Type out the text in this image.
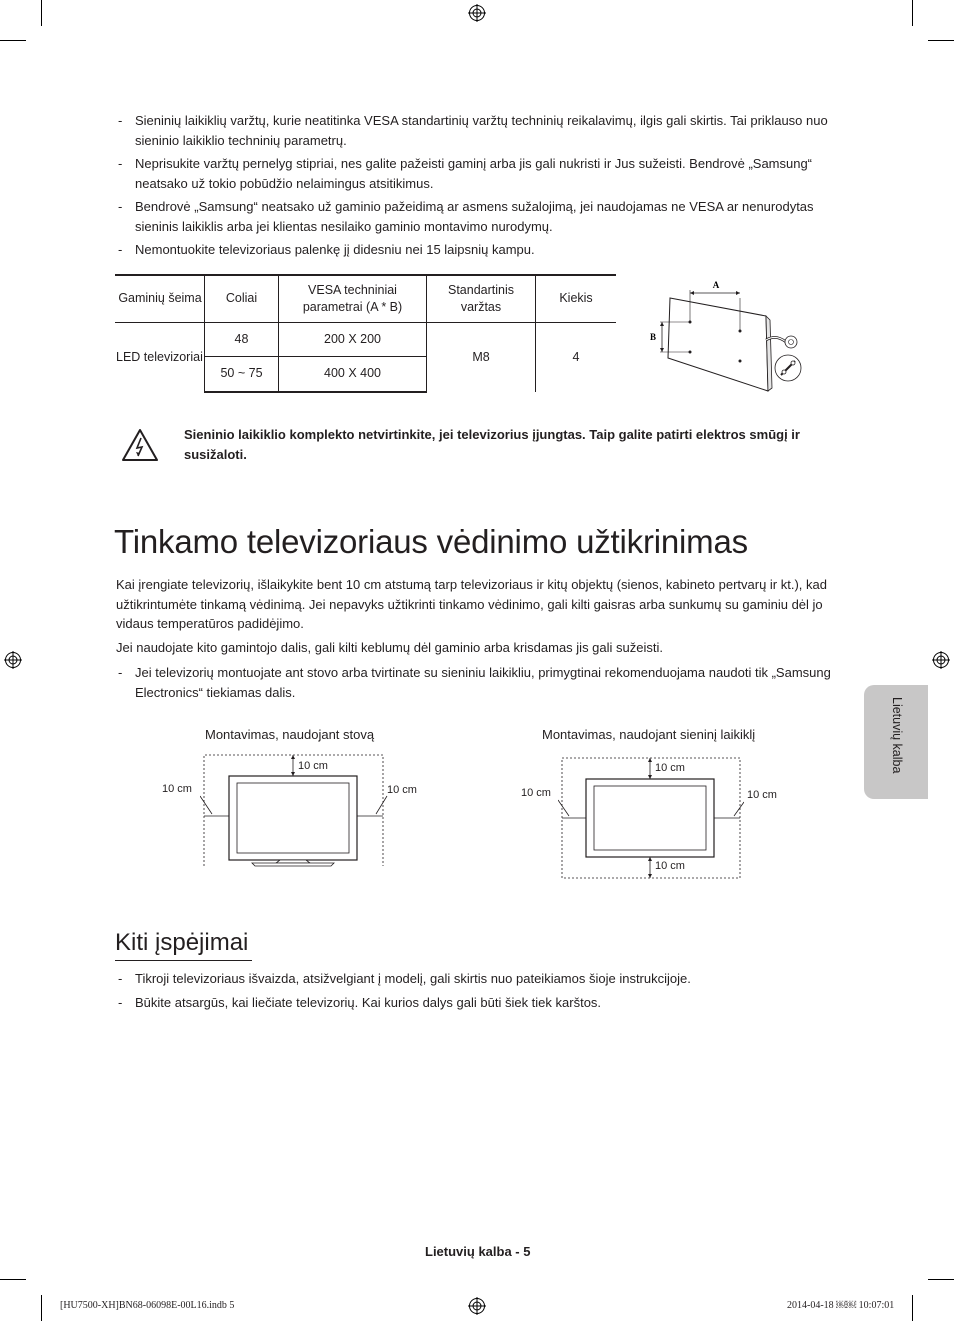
- Sieninių laikiklių varžtų, kurie neatitinka VESA standartinių varžtų techninių reikalavimų, ilgis gali skirtis. Tai priklauso nuo sieninio laikiklio techninių parametrų.
- Neprisukite varžtų pernelyg stipriai, nes galite pažeisti gaminį arba jis gali nukristi ir Jus sužeisti. Bendrovė „Samsung“ neatsako už tokio pobūdžio nelaimingus atsitikimus.
- Bendrovė „Samsung“ neatsako už gaminio pažeidimą ar asmens sužalojimą, jei naudojamas ne VESA ar nenurodytas sieninis laikiklis arba jei klientas nesilaiko gaminio montavimo nurodymų.
- Nemontuokite televizoriaus palenkę jį didesniu nei 15 laipsnių kampu.
Gaminių šeima	Coliai	VESA techniniai parametrai (A * B)	Standartinis varžtas	Kiekis
LED televizoriai	48	200 X 200	M8	4
	50 ~ 75	400 X 400		
A
B
Sieninio laikiklio komplekto netvirtinkite, jei televizorius įjungtas. Taip galite patirti elektros smūgį ir susižaloti.
Tinkamo televizoriaus vėdinimo užtikrinimas
Kai įrengiate televizorių, išlaikykite bent 10 cm atstumą tarp televizoriaus ir kitų objektų (sienos, kabineto pertvarų ir kt.), kad užtikrintumėte tinkamą vėdinimą. Jei nepavyks užtikrinti tinkamo vėdinimo, gali kilti gaisras arba sunkumų su gaminiu dėl jo vidaus temperatūros padidėjimo.
Jei naudojate kito gamintojo dalis, gali kilti keblumų dėl gaminio arba krisdamas jis gali sužeisti.
- Jei televizorių montuojate ant stovo arba tvirtinate su sieniniu laikikliu, primygtinai rekomenduojama naudoti tik „Samsung Electronics“ tiekiamas dalis.
Montavimas, naudojant stovą
10 cm
10 cm	10 cm
Montavimas, naudojant sieninį laikiklį
10 cm
10 cm	10 cm
10 cm
Kiti įspėjimai
- Tikroji televizoriaus išvaizda, atsižvelgiant į modelį, gali skirtis nuo pateikiamos šioje instrukcijoje.
- Būkite atsargūs, kai liečiate televizorių. Kai kurios dalys gali būti šiek tiek karštos.
Lietuvių kalba
Lietuvių kalba - 5
[HU7500-XH]BN68-06098E-00L16.indb 5	2014-04-18 ￼￼ 10:07:01
